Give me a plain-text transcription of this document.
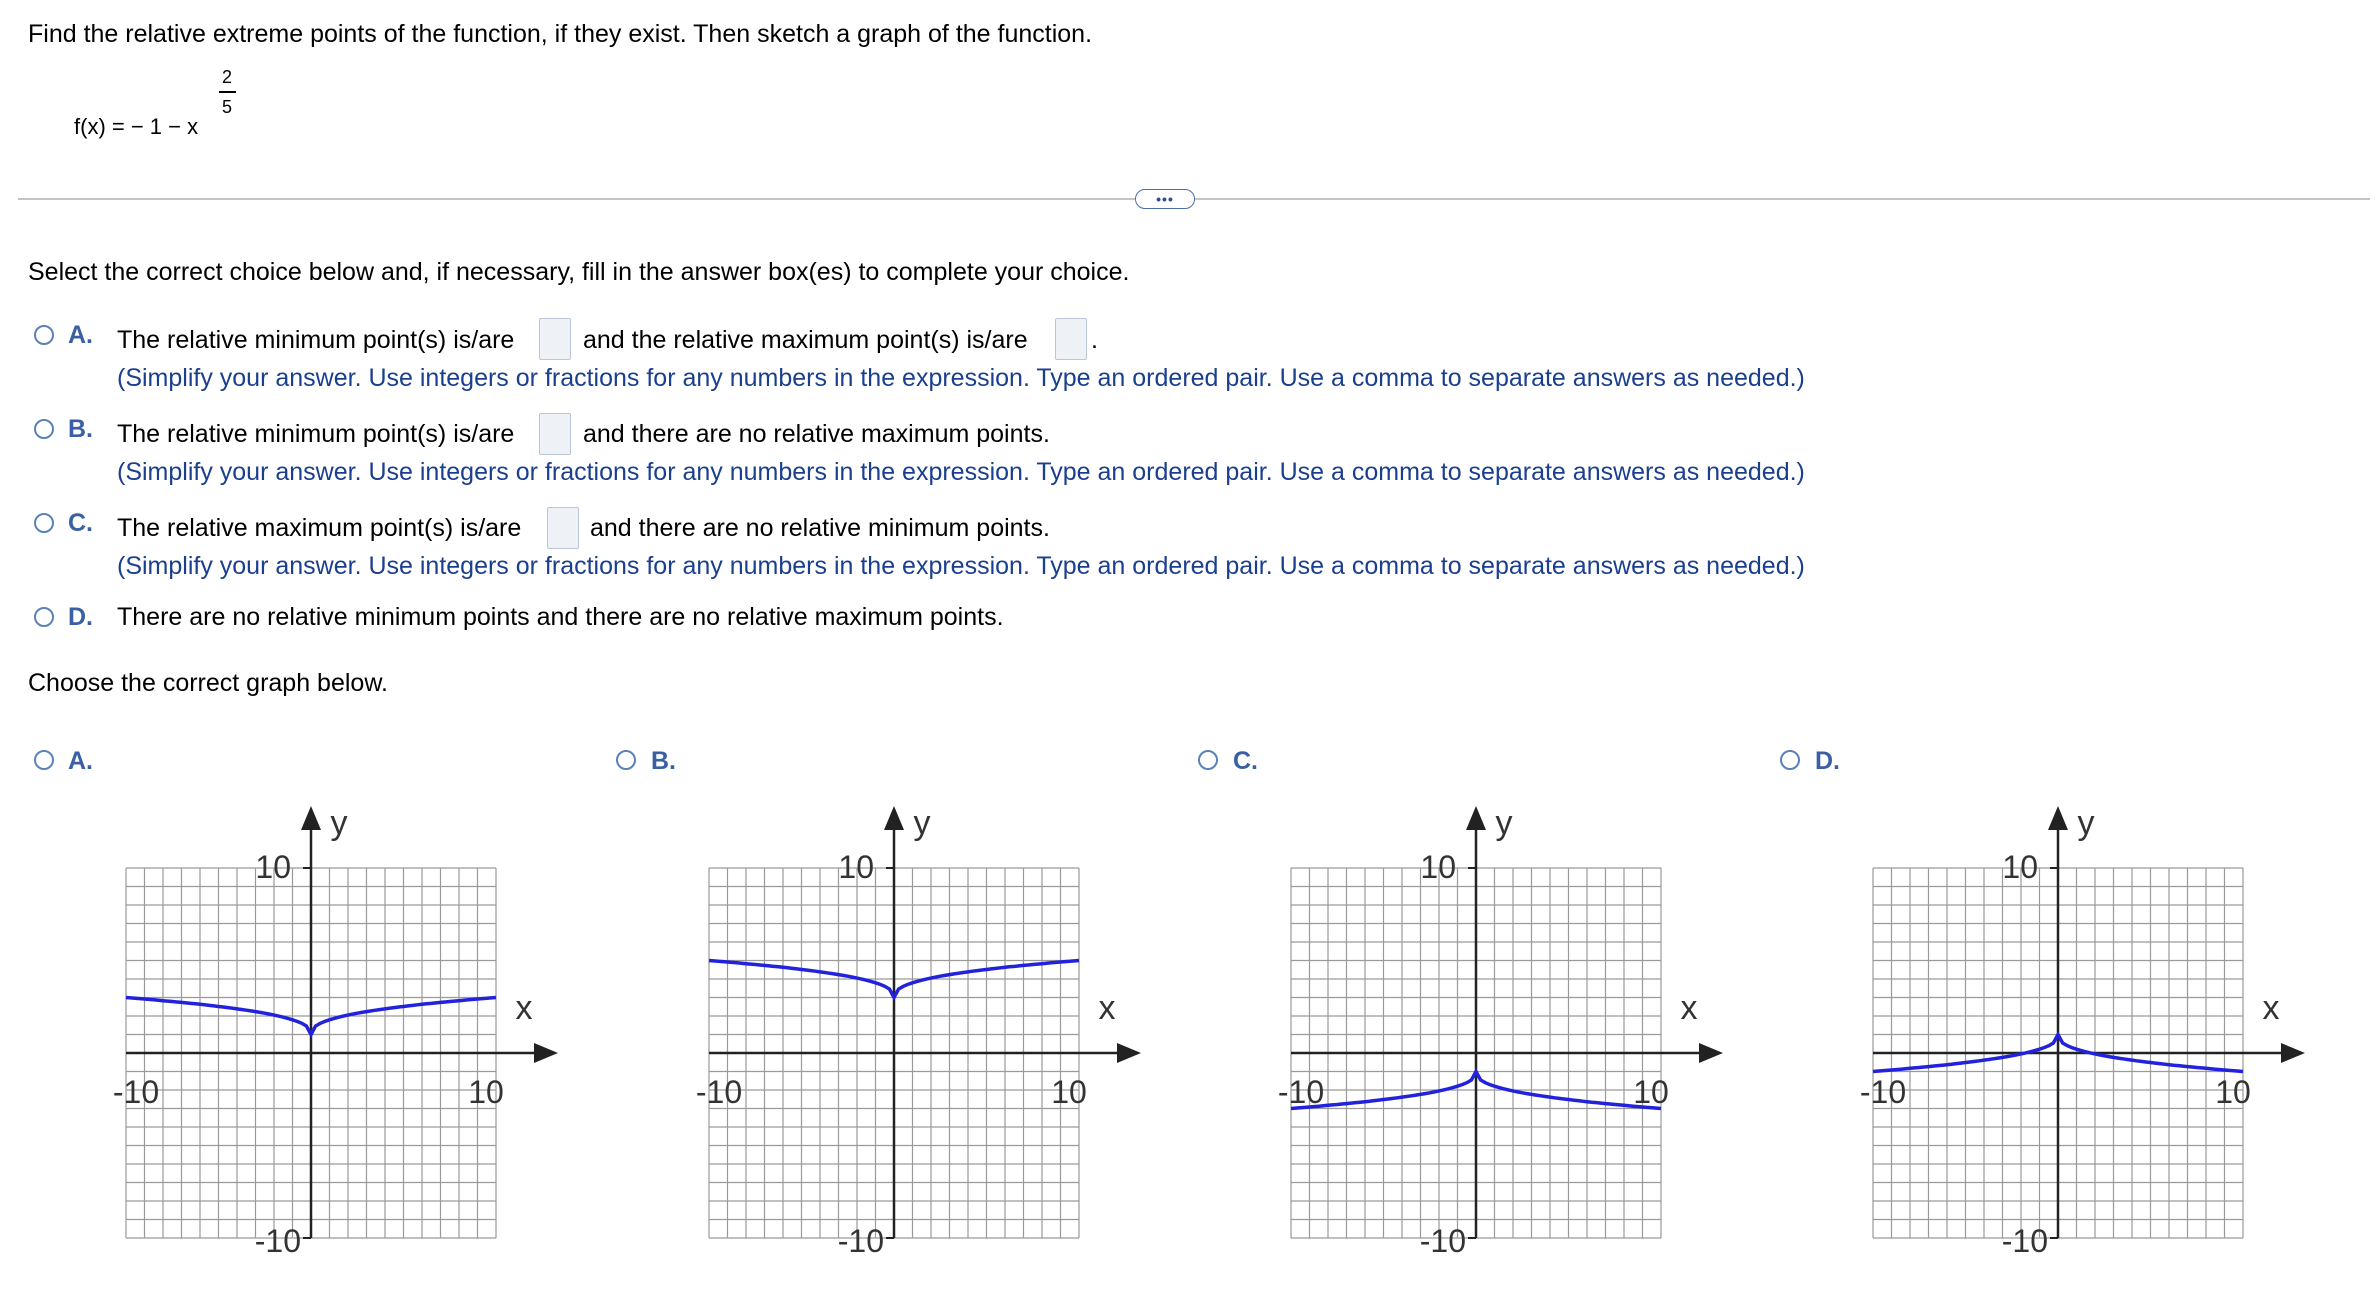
Find the relative extreme points of the function, if they exist. Then sketch a graph of the function.
f(x) = − 1 − x
2
5
•••
Select the correct choice below and, if necessary, fill in the answer box(es) to complete your choice.
A. The relative minimum point(s) is/are	and the relative maximum point(s) is/are	.
(Simplify your answer. Use integers or fractions for any numbers in the expression. Type an ordered pair. Use a comma to separate answers as needed.)
B. The relative minimum point(s) is/are	and there are no relative maximum points.
(Simplify your answer. Use integers or fractions for any numbers in the expression. Type an ordered pair. Use a comma to separate answers as needed.)
C. The relative maximum point(s) is/are	and there are no relative minimum points.
(Simplify your answer. Use integers or fractions for any numbers in the expression. Type an ordered pair. Use a comma to separate answers as needed.)
D. There are no relative minimum points and there are no relative maximum points.
Choose the correct graph below.
A.	B.	C.	D.
y
x
10
-10
-10	10
y
x
10
-10
-10	10
y
x
10
-10
-10	10
y
x
10
-10
-10	10
